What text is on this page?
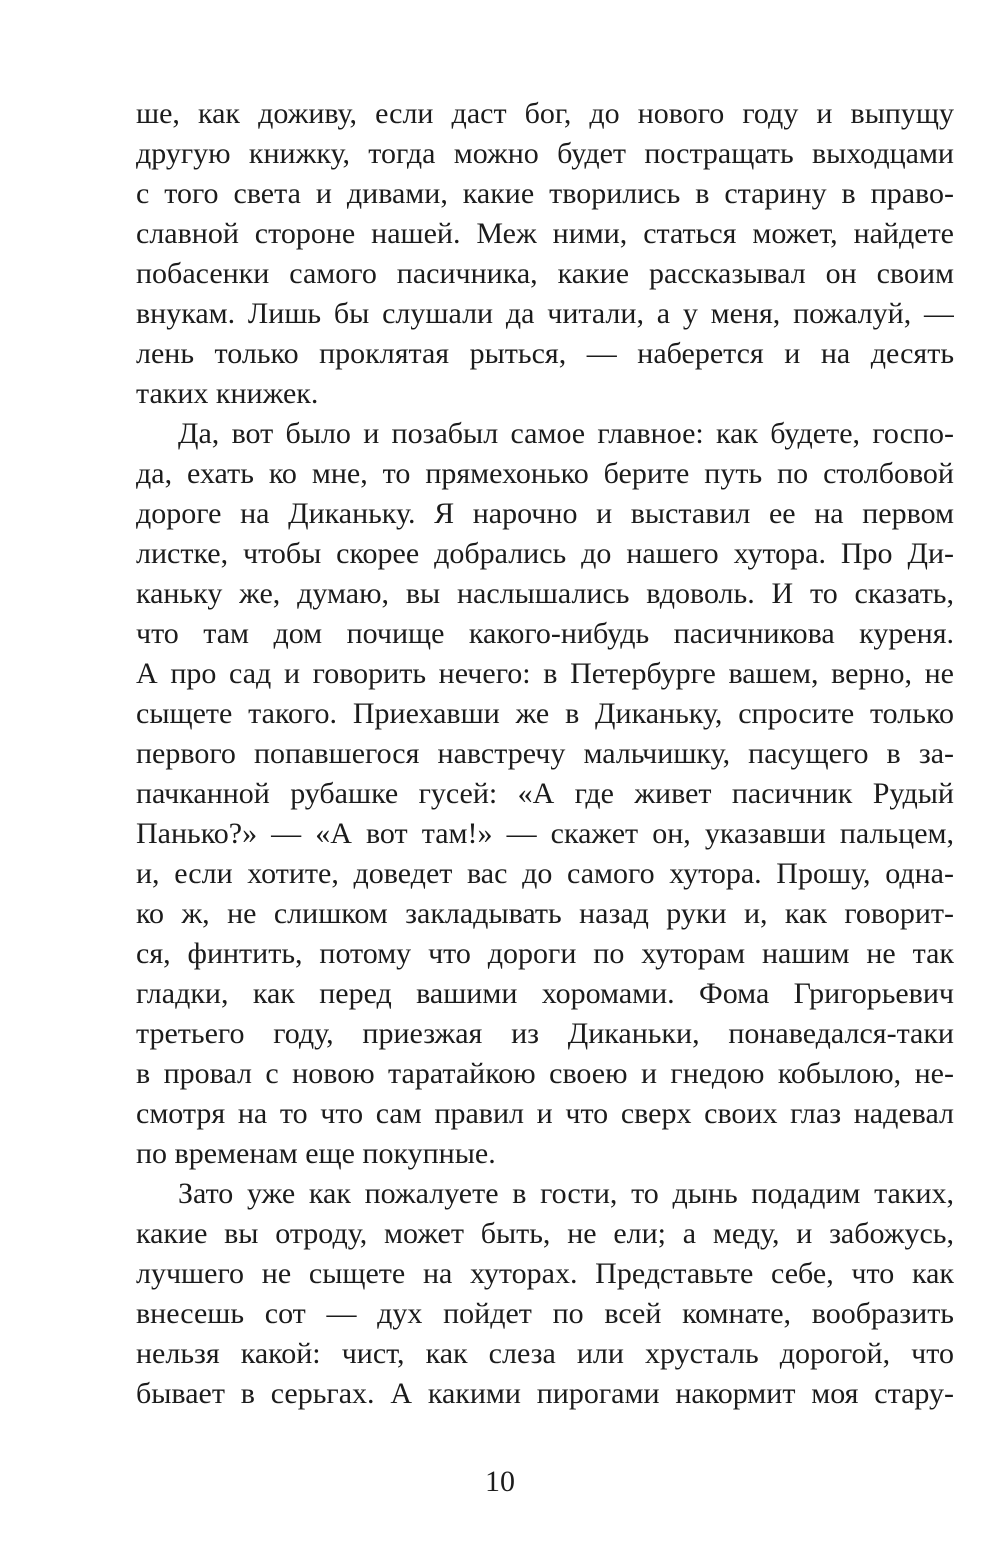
ше, как доживу, если даст бог, до нового году и выпущу
другую книжку, тогда можно будет постращать выходцами
с того света и дивами, какие творились в старину в право-
славной стороне нашей. Меж ними, статься может, найдете
побасенки самого пасичника, какие рассказывал он своим
внукам. Лишь бы слушали да читали, а у меня, пожалуй, —
лень только проклятая рыться, — наберется и на десять
таких книжек.
Да, вот было и позабыл самое главное: как будете, госпо-
да, ехать ко мне, то прямехонько берите путь по столбовой
дороге на Диканьку. Я нарочно и выставил ее на первом
листке, чтобы скорее добрались до нашего хутора. Про Ди-
каньку же, думаю, вы наслышались вдоволь. И то сказать,
что там дом почище какого-нибудь пасичникова куреня.
А про сад и говорить нечего: в Петербурге вашем, верно, не
сыщете такого. Приехавши же в Диканьку, спросите только
первого попавшегося навстречу мальчишку, пасущего в за-
пачканной рубашке гусей: «А где живет пасичник Рудый
Панько?» — «А вот там!» — скажет он, указавши пальцем,
и, если хотите, доведет вас до самого хутора. Прошу, одна-
ко ж, не слишком закладывать назад руки и, как говорит-
ся, финтить, потому что дороги по хуторам нашим не так
гладки, как перед вашими хоромами. Фома Григорьевич
третьего году, приезжая из Диканьки, понаведался-таки
в провал с новою таратайкою своею и гнедою кобылою, не-
смотря на то что сам правил и что сверх своих глаз надевал
по временам еще покупные.
Зато уже как пожалуете в гости, то дынь подадим таких,
какие вы отроду, может быть, не ели; а меду, и забожусь,
лучшего не сыщете на хуторах. Представьте себе, что как
внесешь сот — дух пойдет по всей комнате, вообразить
нельзя какой: чист, как слеза или хрусталь дорогой, что
бывает в серьгах. А какими пирогами накормит моя стару-
10
